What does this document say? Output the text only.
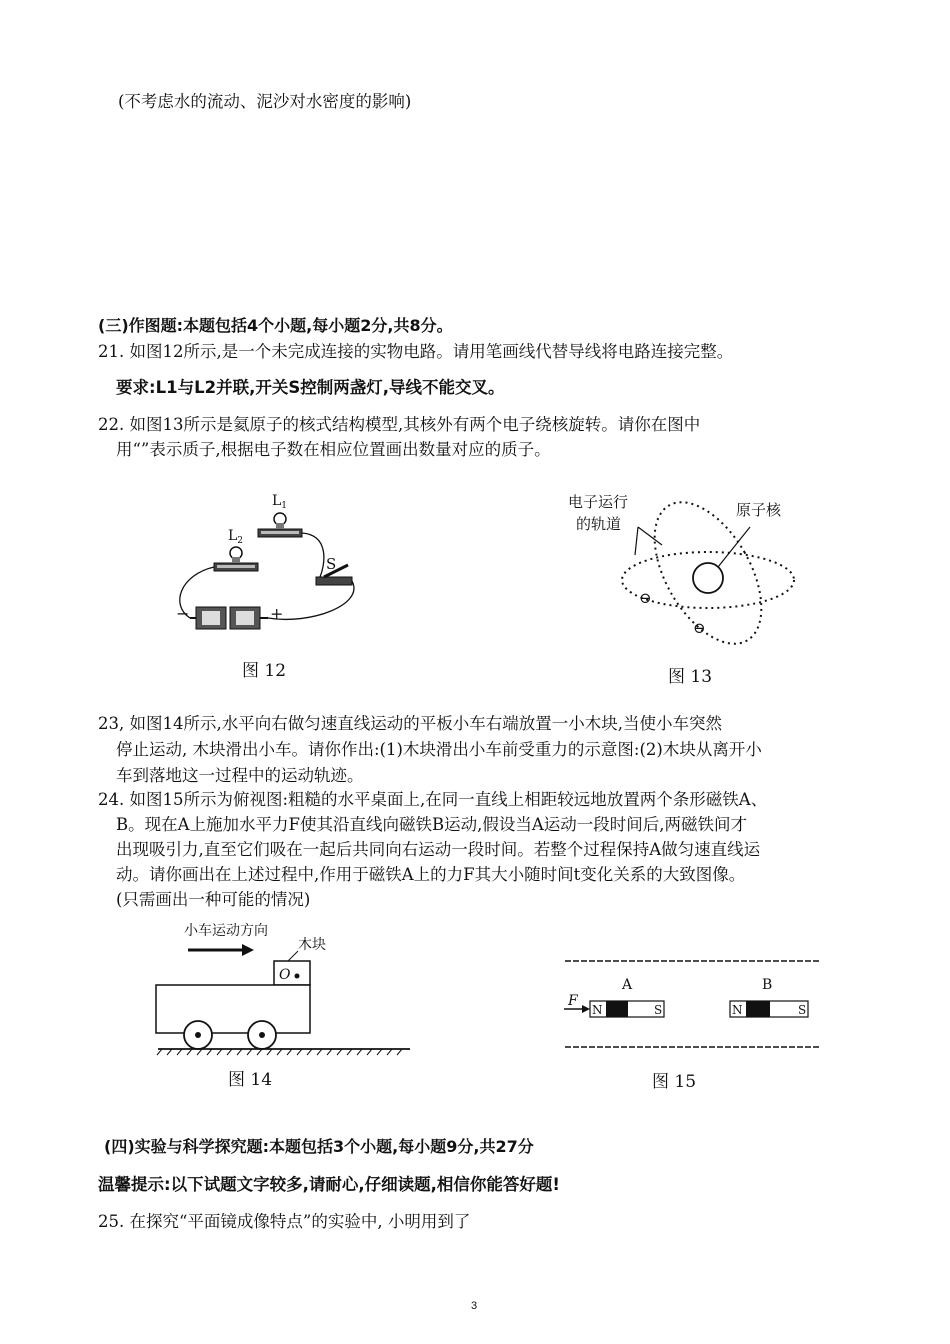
(不考虑水的流动、泥沙对水密度的影响)
(三)作图题:本题包括4个小题,每小题2分,共8分。
21. 如图12所示,是一个未完成连接的实物电路。请用笔画线代替导线将电路连接完整。
要求:L1与L2并联,开关S控制两盏灯,导线不能交叉。
22. 如图13所示是氦原子的核式结构模型,其核外有两个电子绕核旋转。请你在图中
用“”表示质子,根据电子数在相应位置画出数量对应的质子。
$L_1$
$L_2$
S
−	+
图 12
⊖
⊖
电子运行
的轨道
原子核
图 13
23, 如图14所示,水平向右做匀速直线运动的平板小车右端放置一小木块,当使小车突然
停止运动, 木块滑出小车。请你作出:(1)木块滑出小车前受重力的示意图:(2)木块从离开小
车到落地这一过程中的运动轨迹。
24. 如图15所示为俯视图:粗糙的水平桌面上,在同一直线上相距较远地放置两个条形磁铁A、
B。现在A上施加水平力F使其沿直线向磁铁B运动,假设当A运动一段时间后,两磁铁间才
出现吸引力,直至它们吸在一起后共同向右运动一段时间。若整个过程保持A做匀速直线运
动。请你画出在上述过程中,作用于磁铁A上的力F其大小随时间t变化关系的大致图像。
(只需画出一种可能的情况)
小车运动方向
木块
O
图 14
A	B
F
N	S	N	S
图 15
(四)实验与科学探究题:本题包括3个小题,每小题9分,共27分
温馨提示:以下试题文字较多,请耐心,仔细读题,相信你能答好题!
25. 在探究“平面镜成像特点”的实验中, 小明用到了
3
